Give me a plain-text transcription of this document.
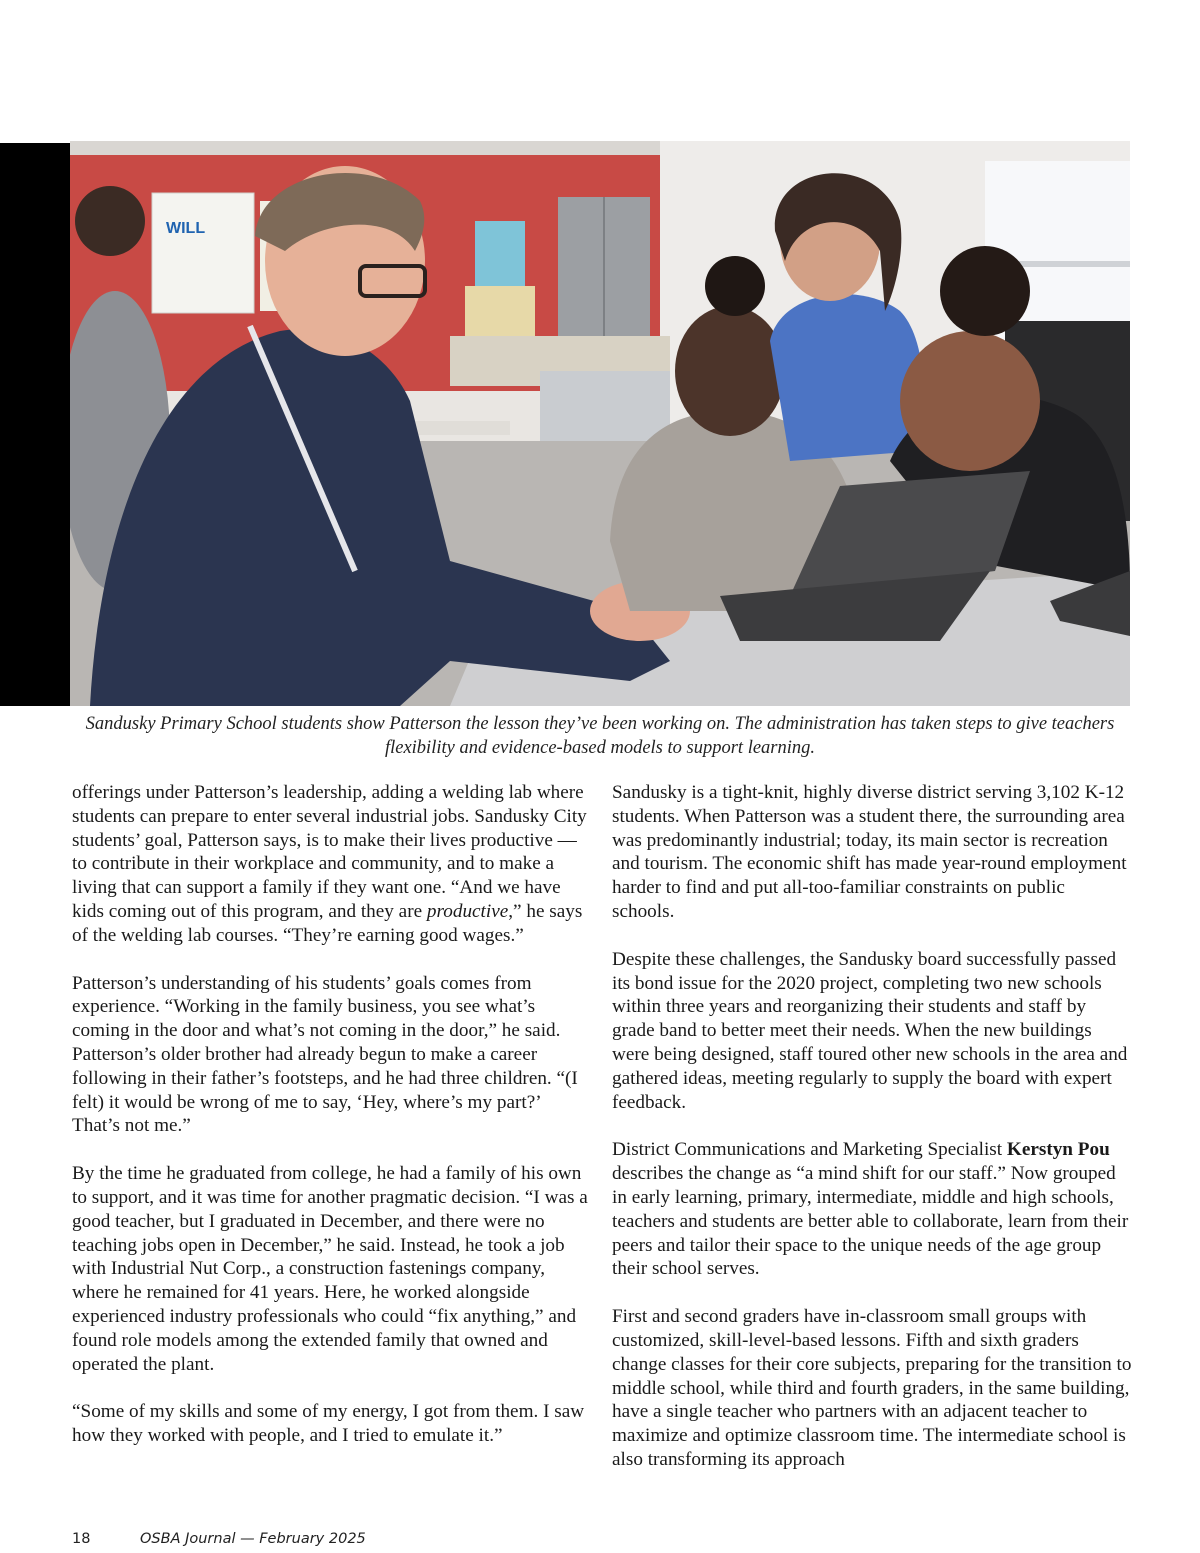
WILL
Sandusky Primary School students show Patterson the lesson they’ve been working on. The administration has taken steps to give teachers flexibility and evidence-based models to support learning.

offerings under Patterson’s leadership, adding a welding lab where students can prepare to enter several industrial jobs. Sandusky City students’ goal, Patterson says, is to make their lives productive — to contribute in their workplace and community, and to make a living that can support a family if they want one. “And we have kids coming out of this program, and they are productive,” he says of the welding lab courses. “They’re earning good wages.”

Patterson’s understanding of his students’ goals comes from experience. “Working in the family business, you see what’s coming in the door and what’s not coming in the door,” he said. Patterson’s older brother had already begun to make a career following in their father’s footsteps, and he had three children. “(I felt) it would be wrong of me to say, ‘Hey, where’s my part?’ That’s not me.”

By the time he graduated from college, he had a family of his own to support, and it was time for another pragmatic decision. “I was a good teacher, but I graduated in December, and there were no teaching jobs open in December,” he said. Instead, he took a job with Industrial Nut Corp., a construction fastenings company, where he remained for 41 years. Here, he worked alongside experienced industry professionals who could “fix anything,” and found role models among the extended family that owned and operated the plant.

“Some of my skills and some of my energy, I got from them. I saw how they worked with people, and I tried to emulate it.”

Sandusky is a tight-knit, highly diverse district serving 3,102 K-12 students. When Patterson was a student there, the surrounding area was predominantly industrial; today, its main sector is recreation and tourism. The economic shift has made year-round employment harder to find and put all-too-familiar constraints on public schools.

Despite these challenges, the Sandusky board successfully passed its bond issue for the 2020 project, completing two new schools within three years and reorganizing their students and staff by grade band to better meet their needs. When the new buildings were being designed, staff toured other new schools in the area and gathered ideas, meeting regularly to supply the board with expert feedback.

District Communications and Marketing Specialist Kerstyn Pou describes the change as “a mind shift for our staff.” Now grouped in early learning, primary, intermediate, middle and high schools, teachers and students are better able to collaborate, learn from their peers and tailor their space to the unique needs of the age group their school serves.

First and second graders have in-classroom small groups with customized, skill-level-based lessons. Fifth and sixth graders change classes for their core subjects, preparing for the transition to middle school, while third and fourth graders, in the same building, have a single teacher who partners with an adjacent teacher to maximize and optimize classroom time. The intermediate school is also transforming its approach

18	OSBA Journal — February 2025
